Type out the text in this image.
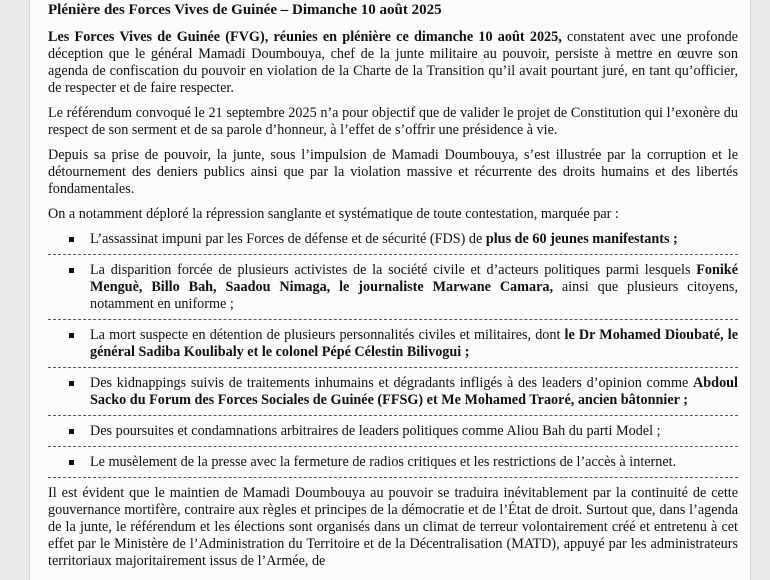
Plénière des Forces Vives de Guinée – Dimanche 10 août 2025

Les Forces Vives de Guinée (FVG), réunies en plénière ce dimanche 10 août 2025, constatent avec une profonde déception que le général Mamadi Doumbouya, chef de la junte militaire au pouvoir, persiste à mettre en œuvre son agenda de confiscation du pouvoir en violation de la Charte de la Transition qu’il avait pourtant juré, en tant qu’officier, de respecter et de faire respecter.

Le référendum convoqué le 21 septembre 2025 n’a pour objectif que de valider le projet de Constitution qui l’exonère du respect de son serment et de sa parole d’honneur, à l’effet de s’offrir une présidence à vie.

Depuis sa prise de pouvoir, la junte, sous l’impulsion de Mamadi Doumbouya, s’est illustrée par la corruption et le détournement des deniers publics ainsi que par la violation massive et récurrente des droits humains et des libertés fondamentales.

On a notamment déploré la répression sanglante et systématique de toute contestation, marquée par :

L’assassinat impuni par les Forces de défense et de sécurité (FDS) de plus de 60 jeunes manifestants ;
La disparition forcée de plusieurs activistes de la société civile et d’acteurs politiques parmi lesquels Foniké Menguè, Billo Bah, Saadou Nimaga, le journaliste Marwane Camara, ainsi que plusieurs citoyens, notamment en uniforme ;
La mort suspecte en détention de plusieurs personnalités civiles et militaires, dont le Dr Mohamed Dioubaté, le général Sadiba Koulibaly et le colonel Pépé Célestin Bilivogui ;
Des kidnappings suivis de traitements inhumains et dégradants infligés à des leaders d’opinion comme Abdoul Sacko du Forum des Forces Sociales de Guinée (FFSG) et Me Mohamed Traoré, ancien bâtonnier ;
Des poursuites et condamnations arbitraires de leaders politiques comme Aliou Bah du parti Model ;
Le musèlement de la presse avec la fermeture de radios critiques et les restrictions de l’accès à internet.

Il est évident que le maintien de Mamadi Doumbouya au pouvoir se traduira inévitablement par la continuité de cette gouvernance mortifère, contraire aux règles et principes de la démocratie et de l’État de droit. Surtout que, dans l’agenda de la junte, le référendum et les élections sont organisés dans un climat de terreur volontairement créé et entretenu à cet effet par le Ministère de l’Administration du Territoire et de la Décentralisation (MATD), appuyé par les administrateurs territoriaux majoritairement issus de l’Armée, de
